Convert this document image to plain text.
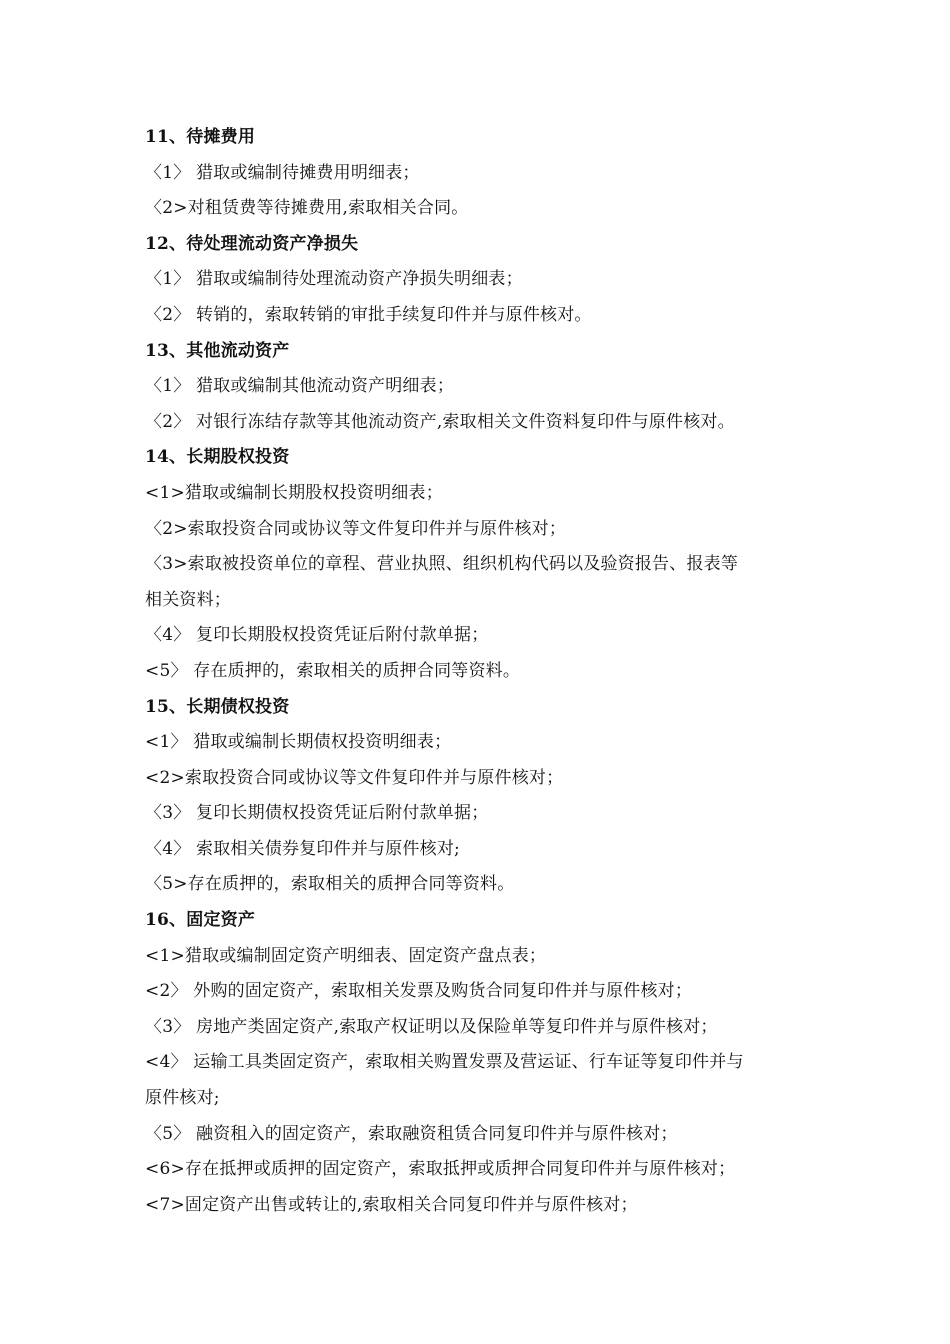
11、待摊费用
〈1〉 猎取或编制待摊费用明细表；
〈2>对租赁费等待摊费用,索取相关合同。
12、待处理流动资产净损失
〈1〉 猎取或编制待处理流动资产净损失明细表；
〈2〉 转销的，索取转销的审批手续复印件并与原件核对。
13、其他流动资产
〈1〉 猎取或编制其他流动资产明细表；
〈2〉 对银行冻结存款等其他流动资产,索取相关文件资料复印件与原件核对。
14、长期股权投资
<1>猎取或编制长期股权投资明细表；
〈2>索取投资合同或协议等文件复印件并与原件核对；
〈3>索取被投资单位的章程、营业执照、组织机构代码以及验资报告、报表等
相关资料；
〈4〉 复印长期股权投资凭证后附付款单据；
<5〉 存在质押的，索取相关的质押合同等资料。
15、长期债权投资
<1〉 猎取或编制长期债权投资明细表；
<2>索取投资合同或协议等文件复印件并与原件核对；
〈3〉 复印长期债权投资凭证后附付款单据；
〈4〉 索取相关债券复印件并与原件核对;
〈5>存在质押的，索取相关的质押合同等资料。
16、固定资产
<1>猎取或编制固定资产明细表、固定资产盘点表；
<2〉 外购的固定资产，索取相关发票及购货合同复印件并与原件核对；
〈3〉 房地产类固定资产,索取产权证明以及保险单等复印件并与原件核对；
<4〉 运输工具类固定资产，索取相关购置发票及营运证、行车证等复印件并与
原件核对;
〈5〉 融资租入的固定资产，索取融资租赁合同复印件并与原件核对；
<6>存在抵押或质押的固定资产，索取抵押或质押合同复印件并与原件核对；
<7>固定资产出售或转让的,索取相关合同复印件并与原件核对；
